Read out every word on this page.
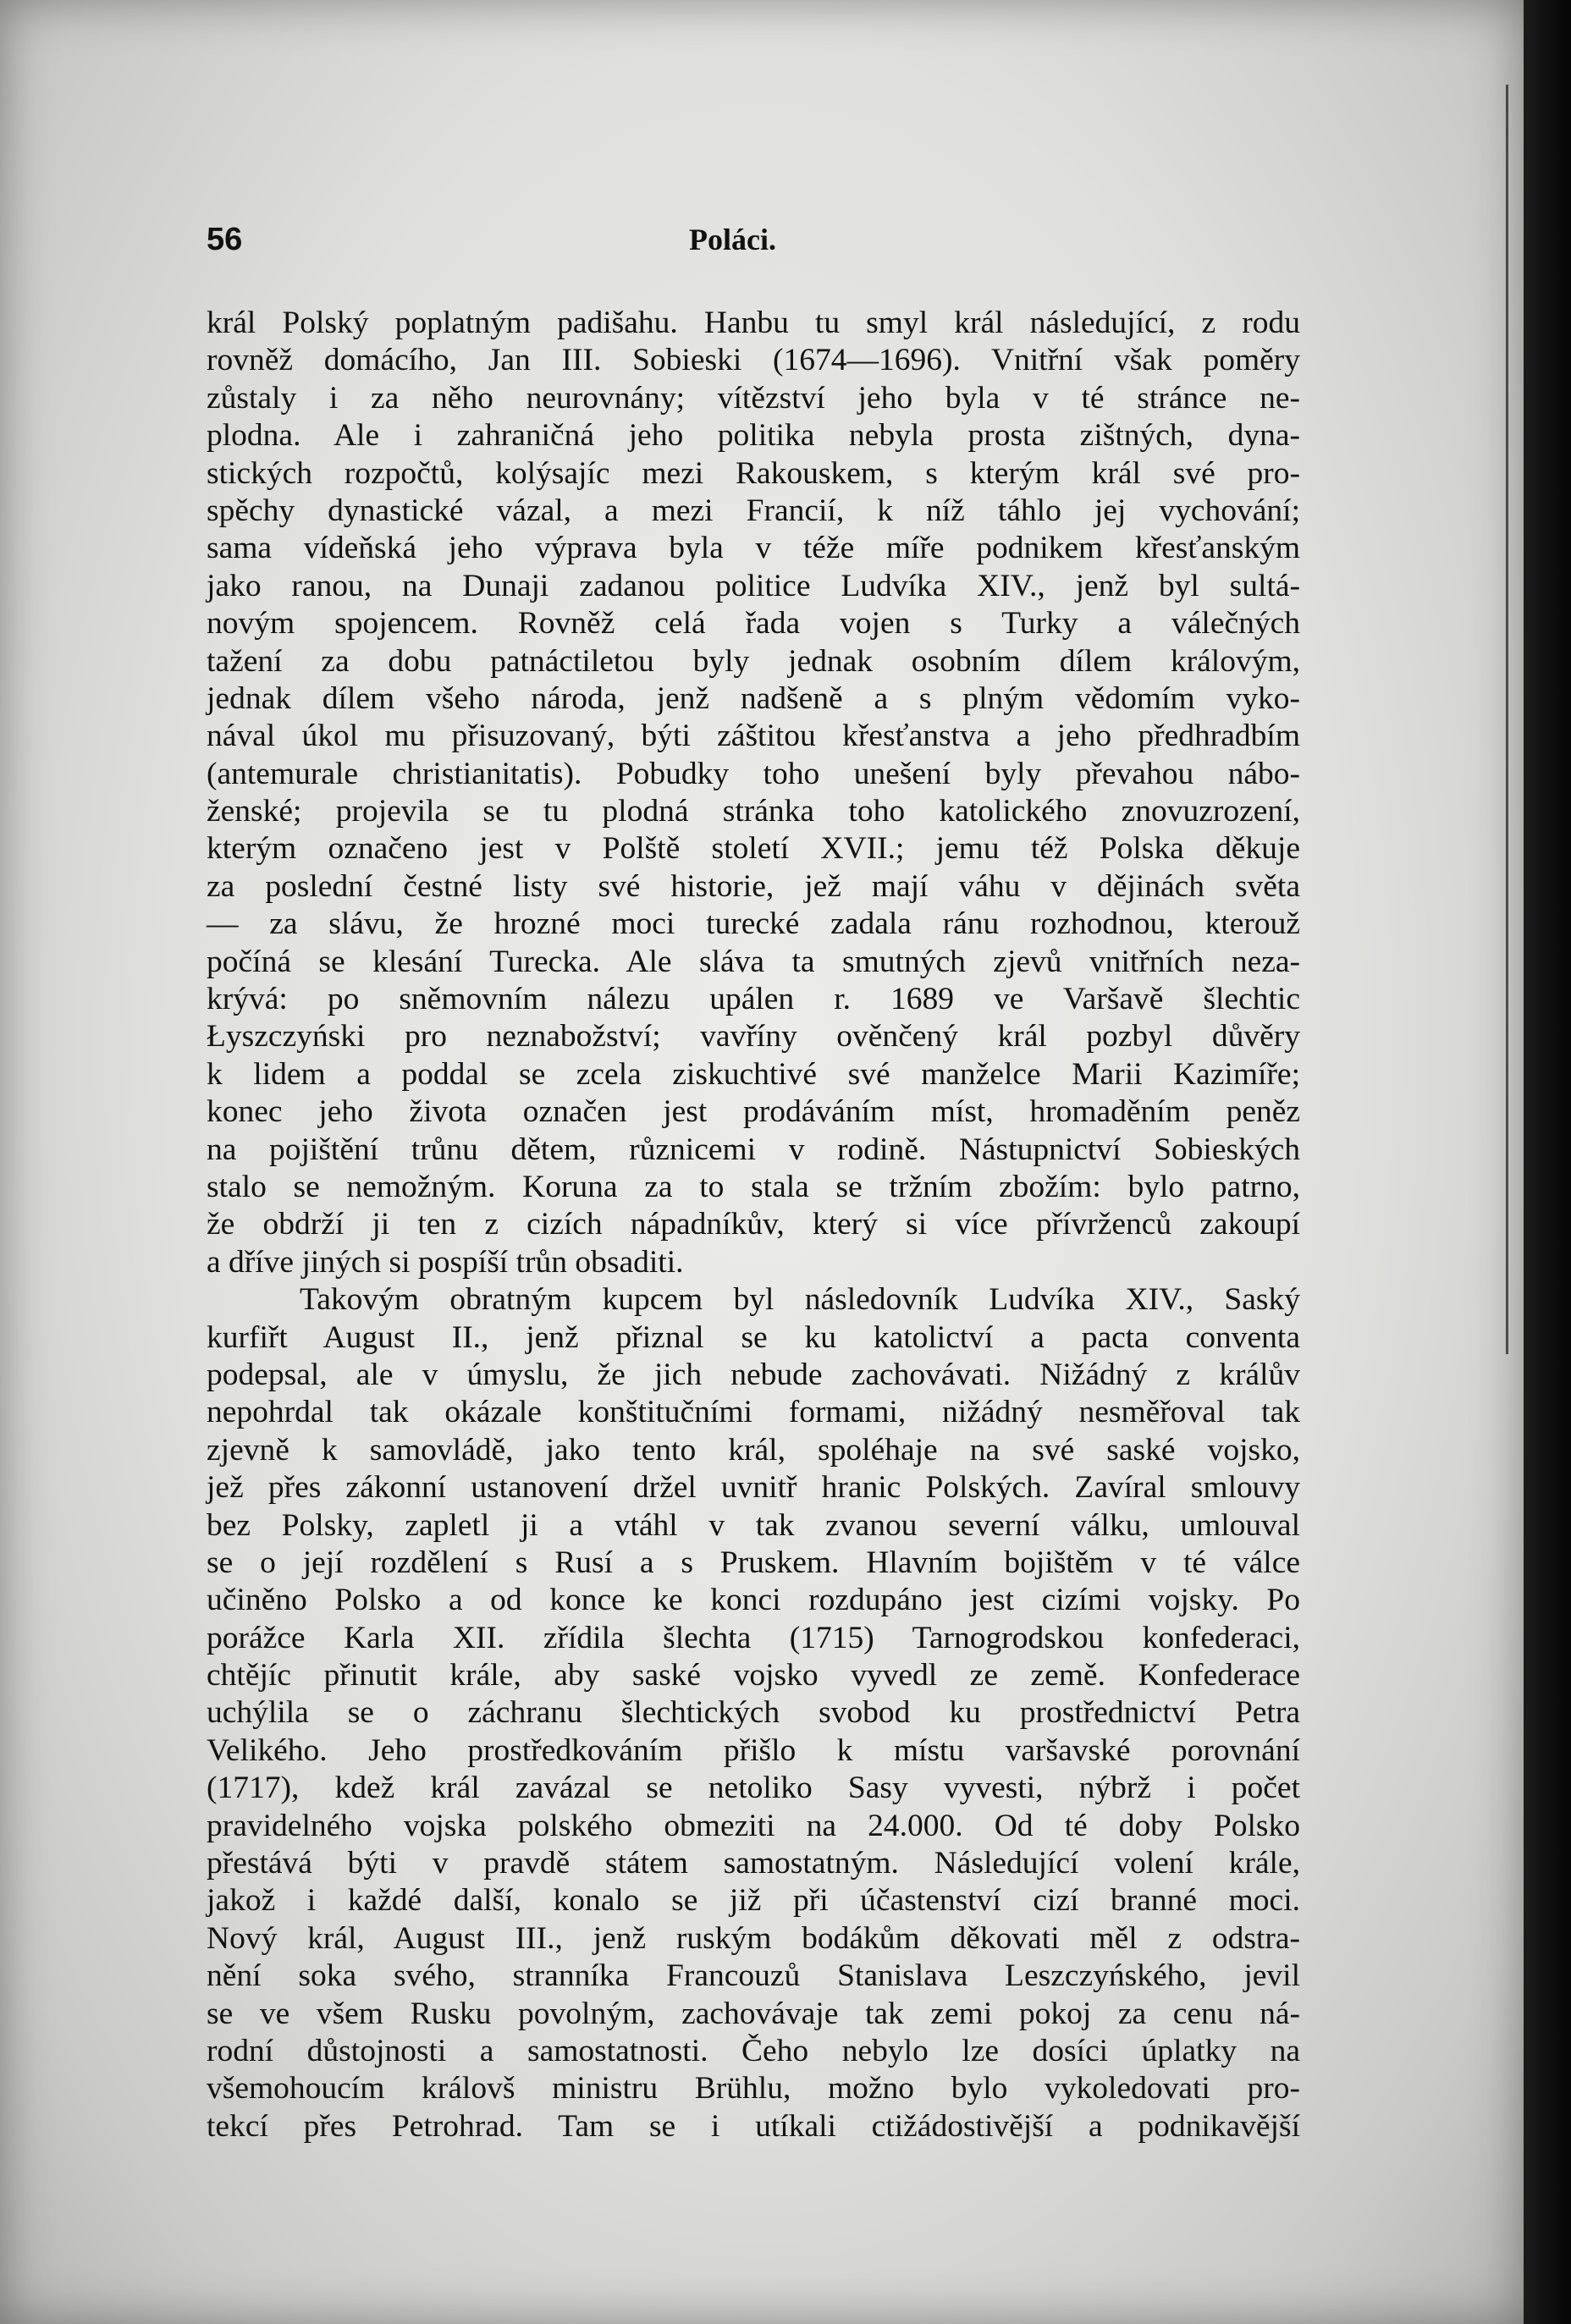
56	Poláci.
král Polský poplatným padišahu. Hanbu tu smyl král následující, z rodu
rovněž domácího, Jan III. Sobieski (1674—1696). Vnitřní však poměry
zůstaly i za něho neurovnány; vítězství jeho byla v té stránce ne-
plodna. Ale i zahraničná jeho politika nebyla prosta zištných, dyna-
stických rozpočtů, kolýsajíc mezi Rakouskem, s kterým král své pro-
spěchy dynastické vázal, a mezi Francií, k níž táhlo jej vychování;
sama vídeňská jeho výprava byla v téže míře podnikem křesťanským
jako ranou, na Dunaji zadanou politice Ludvíka XIV., jenž byl sultá-
novým spojencem. Rovněž celá řada vojen s Turky a válečných
tažení za dobu patnáctiletou byly jednak osobním dílem královým,
jednak dílem všeho národa, jenž nadšeně a s plným vědomím vyko-
nával úkol mu přisuzovaný, býti záštitou křesťanstva a jeho předhradbím
(antemurale christianitatis). Pobudky toho unešení byly převahou nábo-
ženské; projevila se tu plodná stránka toho katolického znovuzrození,
kterým označeno jest v Polště století XVII.; jemu též Polska děkuje
za poslední čestné listy své historie, jež mají váhu v dějinách světa
— za slávu, že hrozné moci turecké zadala ránu rozhodnou, kterouž
počíná se klesání Turecka. Ale sláva ta smutných zjevů vnitřních neza-
krývá: po sněmovním nálezu upálen r. 1689 ve Varšavě šlechtic
Łyszczyński pro neznabožství; vavříny ověnčený král pozbyl důvěry
k lidem a poddal se zcela ziskuchtivé své manželce Marii Kazimíře;
konec jeho života označen jest prodáváním míst, hromaděním peněz
na pojištění trůnu dětem, různicemi v rodině. Nástupnictví Sobieských
stalo se nemožným. Koruna za to stala se tržním zbožím: bylo patrno,
že obdrží ji ten z cizích nápadníkův, který si více přívrženců zakoupí
a dříve jiných si pospíší trůn obsaditi.
Takovým obratným kupcem byl následovník Ludvíka XIV., Saský
kurfiřt August II., jenž přiznal se ku katolictví a pacta conventa
podepsal, ale v úmyslu, že jich nebude zachovávati. Nižádný z králův
nepohrdal tak okázale konštitučními formami, nižádný nesměřoval tak
zjevně k samovládě, jako tento král, spoléhaje na své saské vojsko,
jež přes zákonní ustanovení držel uvnitř hranic Polských. Zavíral smlouvy
bez Polsky, zapletl ji a vtáhl v tak zvanou severní válku, umlouval
se o její rozdělení s Rusí a s Pruskem. Hlavním bojištěm v té válce
učiněno Polsko a od konce ke konci rozdupáno jest cizími vojsky. Po
porážce Karla XII. zřídila šlechta (1715) Tarnogrodskou konfederaci,
chtějíc přinutit krále, aby saské vojsko vyvedl ze země. Konfederace
uchýlila se o záchranu šlechtických svobod ku prostřednictví Petra
Velikého. Jeho prostředkováním přišlo k místu varšavské porovnání
(1717), kdež král zavázal se netoliko Sasy vyvesti, nýbrž i počet
pravidelného vojska polského obmeziti na 24.000. Od té doby Polsko
přestává býti v pravdě státem samostatným. Následující volení krále,
jakož i každé další, konalo se již při účastenství cizí branné moci.
Nový král, August III., jenž ruským bodákům děkovati měl z odstra-
nění soka svého, stranníka Francouzů Stanislava Leszczyńského, jevil
se ve všem Rusku povolným, zachovávaje tak zemi pokoj za cenu ná-
rodní důstojnosti a samostatnosti. Čeho nebylo lze dosíci úplatky na
všemohoucím královš ministru Brühlu, možno bylo vykoledovati pro-
tekcí přes Petrohrad. Tam se i utíkali ctižádostivější a podnikavější
